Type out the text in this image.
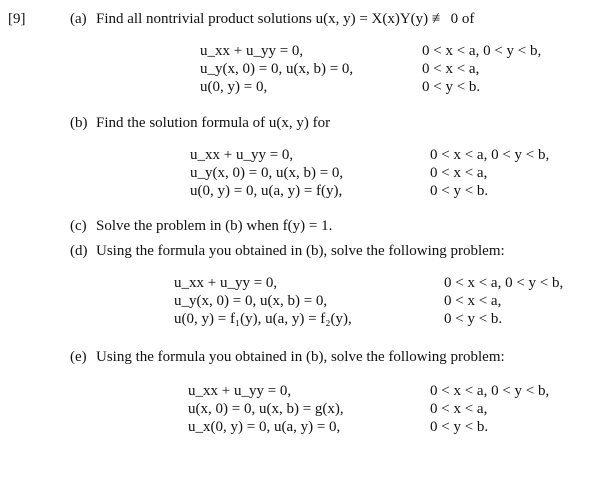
[9]	(a) Find all nontrivial product solutions u(x, y) = X(x)Y(y) ≢ 0 of
u_xx + u_yy = 0,
u_y(x, 0) = 0, u(x, b) = 0,
u(0, y) = 0,
0 < x < a, 0 < y < b,
0 < x < a,
0 < y < b.
(b) Find the solution formula of u(x, y) for
u_xx + u_yy = 0,
u_y(x, 0) = 0, u(x, b) = 0,
u(0, y) = 0, u(a, y) = f(y),
0 < x < a, 0 < y < b,
0 < x < a,
0 < y < b.
(c) Solve the problem in (b) when f(y) = 1.
(d) Using the formula you obtained in (b), solve the following problem:
u_xx + u_yy = 0,
u_y(x, 0) = 0, u(x, b) = 0,
u(0, y) = f₁(y), u(a, y) = f₂(y),
0 < x < a, 0 < y < b,
0 < x < a,
0 < y < b.
(e) Using the formula you obtained in (b), solve the following problem:
u_xx + u_yy = 0,
u(x, 0) = 0, u(x, b) = g(x),
u_x(0, y) = 0, u(a, y) = 0,
0 < x < a, 0 < y < b,
0 < x < a,
0 < y < b.
